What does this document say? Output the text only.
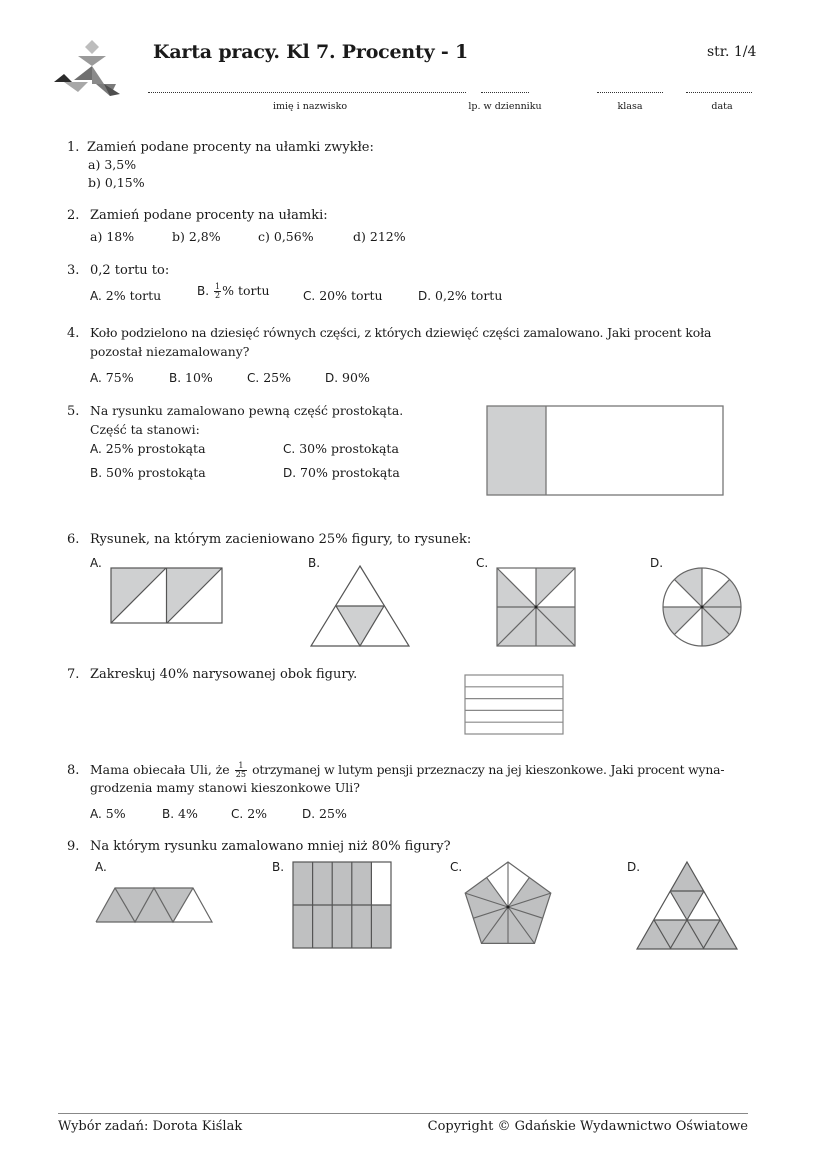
Karta pracy. Kl 7. Procenty - 1	str. 1/4
imię i nazwisko	lp. w dzienniku	klasa	data
1. Zamień podane procenty na ułamki zwykłe:
a) 3,5%
b) 0,15%
2. Zamień podane procenty na ułamki:
a) 18%	b) 2,8%	c) 0,56%	d) 212%
3. 0,2 tortu to:
A. 2% tortu	B. $\frac{1}{2}$ % tortu	C. 20% tortu	D. 0,2% tortu
4. Koło podzielono na dziesięć równych części, z których dziewięć części zamalowano. Jaki procent koła
pozostał niezamalowany?
A. 75%	B. 10%	C. 25%	D. 90%
5. Na rysunku zamalowano pewną część prostokąta.
Część ta stanowi:
A. 25% prostokąta	C. 30% prostokąta
B. 50% prostokąta	D. 70% prostokąta
6. Rysunek, na którym zacieniowano 25% figury, to rysunek:
A.	B.	C.	D.
7. Zakreskuj 40% narysowanej obok figury.
8. Mama obiecała Uli, że $\frac{1}{25}$ otrzymanej w lutym pensji przeznaczy na jej kieszonkowe. Jaki procent wyna-
grodzenia mamy stanowi kieszonkowe Uli?
A. 5%	B. 4%	C. 2%	D. 25%
9. Na którym rysunku zamalowano mniej niż 80% figury?
A.	B.	C.	D.
Wybór zadań: Dorota Kiślak	Copyright © Gdańskie Wydawnictwo Oświatowe
